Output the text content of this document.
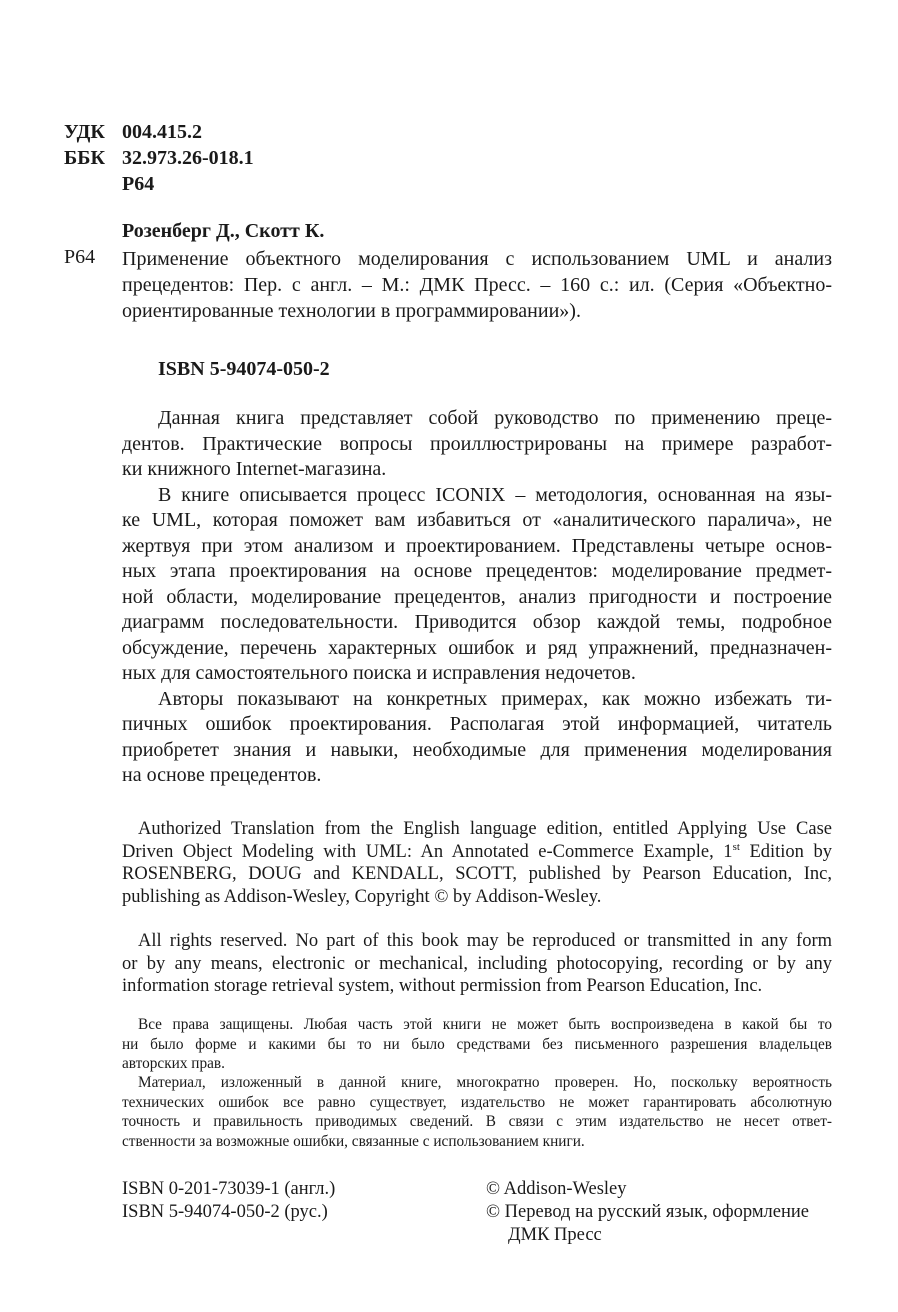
УДК 004.415.2
ББК 32.973.26-018.1
Р64
Розенберг Д., Скотт К.
Р64 Применение объектного моделирования с использованием UML и анализ
прецедентов: Пер. с англ. – М.: ДМК Пресс. – 160 с.: ил. (Серия «Объектно-
ориентированные технологии в программировании»).
ISBN 5-94074-050-2
Данная книга представляет собой руководство по применению преце-
дентов. Практические вопросы проиллюстрированы на примере разработ-
ки книжного Internet-магазина.
В книге описывается процесс ICONIX – методология, основанная на язы-
ке UML, которая поможет вам избавиться от «аналитического паралича», не
жертвуя при этом анализом и проектированием. Представлены четыре основ-
ных этапа проектирования на основе прецедентов: моделирование предмет-
ной области, моделирование прецедентов, анализ пригодности и построение
диаграмм последовательности. Приводится обзор каждой темы, подробное
обсуждение, перечень характерных ошибок и ряд упражнений, предназначен-
ных для самостоятельного поиска и исправления недочетов.
Авторы показывают на конкретных примерах, как можно избежать ти-
пичных ошибок проектирования. Располагая этой информацией, читатель
приобретет знания и навыки, необходимые для применения моделирования
на основе прецедентов.
Authorized Translation from the English language edition, entitled Applying Use Case
Driven Object Modeling with UML: An Annotated e-Commerce Example, 1st Edition by
ROSENBERG, DOUG and KENDALL, SCOTT, published by Pearson Education, Inc,
publishing as Addison-Wesley, Copyright © by Addison-Wesley.
All rights reserved. No part of this book may be reproduced or transmitted in any form
or by any means, electronic or mechanical, including photocopying, recording or by any
information storage retrieval system, without permission from Pearson Education, Inc.
Все права защищены. Любая часть этой книги не может быть воспроизведена в какой бы то
ни было форме и какими бы то ни было средствами без письменного разрешения владельцев
авторских прав.
Материал, изложенный в данной книге, многократно проверен. Но, поскольку вероятность
технических ошибок все равно существует, издательство не может гарантировать абсолютную
точность и правильность приводимых сведений. В связи с этим издательство не несет ответ-
ственности за возможные ошибки, связанные с использованием книги.
ISBN 0-201-73039-1 (англ.)
ISBN 5-94074-050-2 (рус.)
© Addison-Wesley
© Перевод на русский язык, оформление
ДМК Пресс
